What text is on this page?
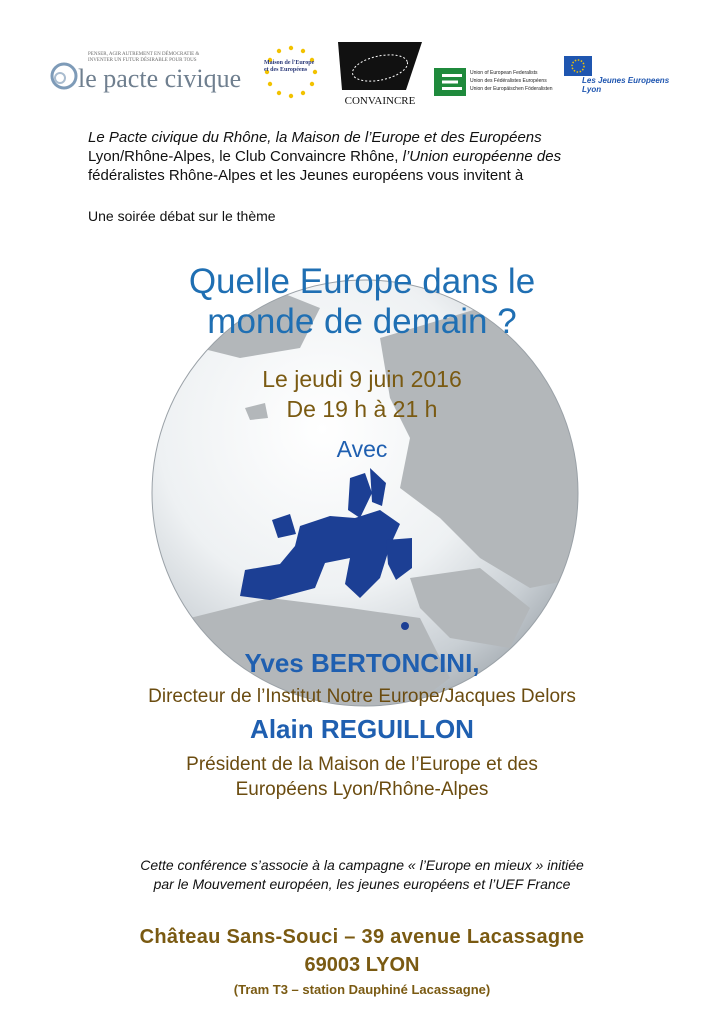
PENSER, AGIR AUTREMENT EN DÉMOCRATIE & INVENTER UN FUTUR DÉSIRABLE POUR TOUS
le pacte civique
Maison de l'Europe et des Européens
CONVAINCRE
Union of European Federalists
Union des Fédéralistes Européens
Union der Europäischen Föderalisten
Les Jeunes Europeens
Lyon
Le Pacte civique du Rhône, la Maison de l’Europe et des Européens
Lyon/Rhône-Alpes, le Club Convaincre Rhône, l’Union européenne des
fédéralistes Rhône-Alpes et les Jeunes européens vous invitent à
Une soirée débat sur le thème
Quelle Europe dans le
monde de demain ?
Le jeudi 9 juin 2016
De 19 h à 21 h
Avec
Yves BERTONCINI,
Directeur de l’Institut Notre Europe/Jacques Delors
Alain REGUILLON
Président de la Maison de l’Europe et des
Européens Lyon/Rhône-Alpes
Cette conférence s’associe à la campagne « l’Europe en mieux » initiée
par le Mouvement européen, les jeunes européens et l’UEF France
Château Sans-Souci – 39 avenue Lacassagne
69003 LYON
(Tram T3 – station Dauphiné Lacassagne)
